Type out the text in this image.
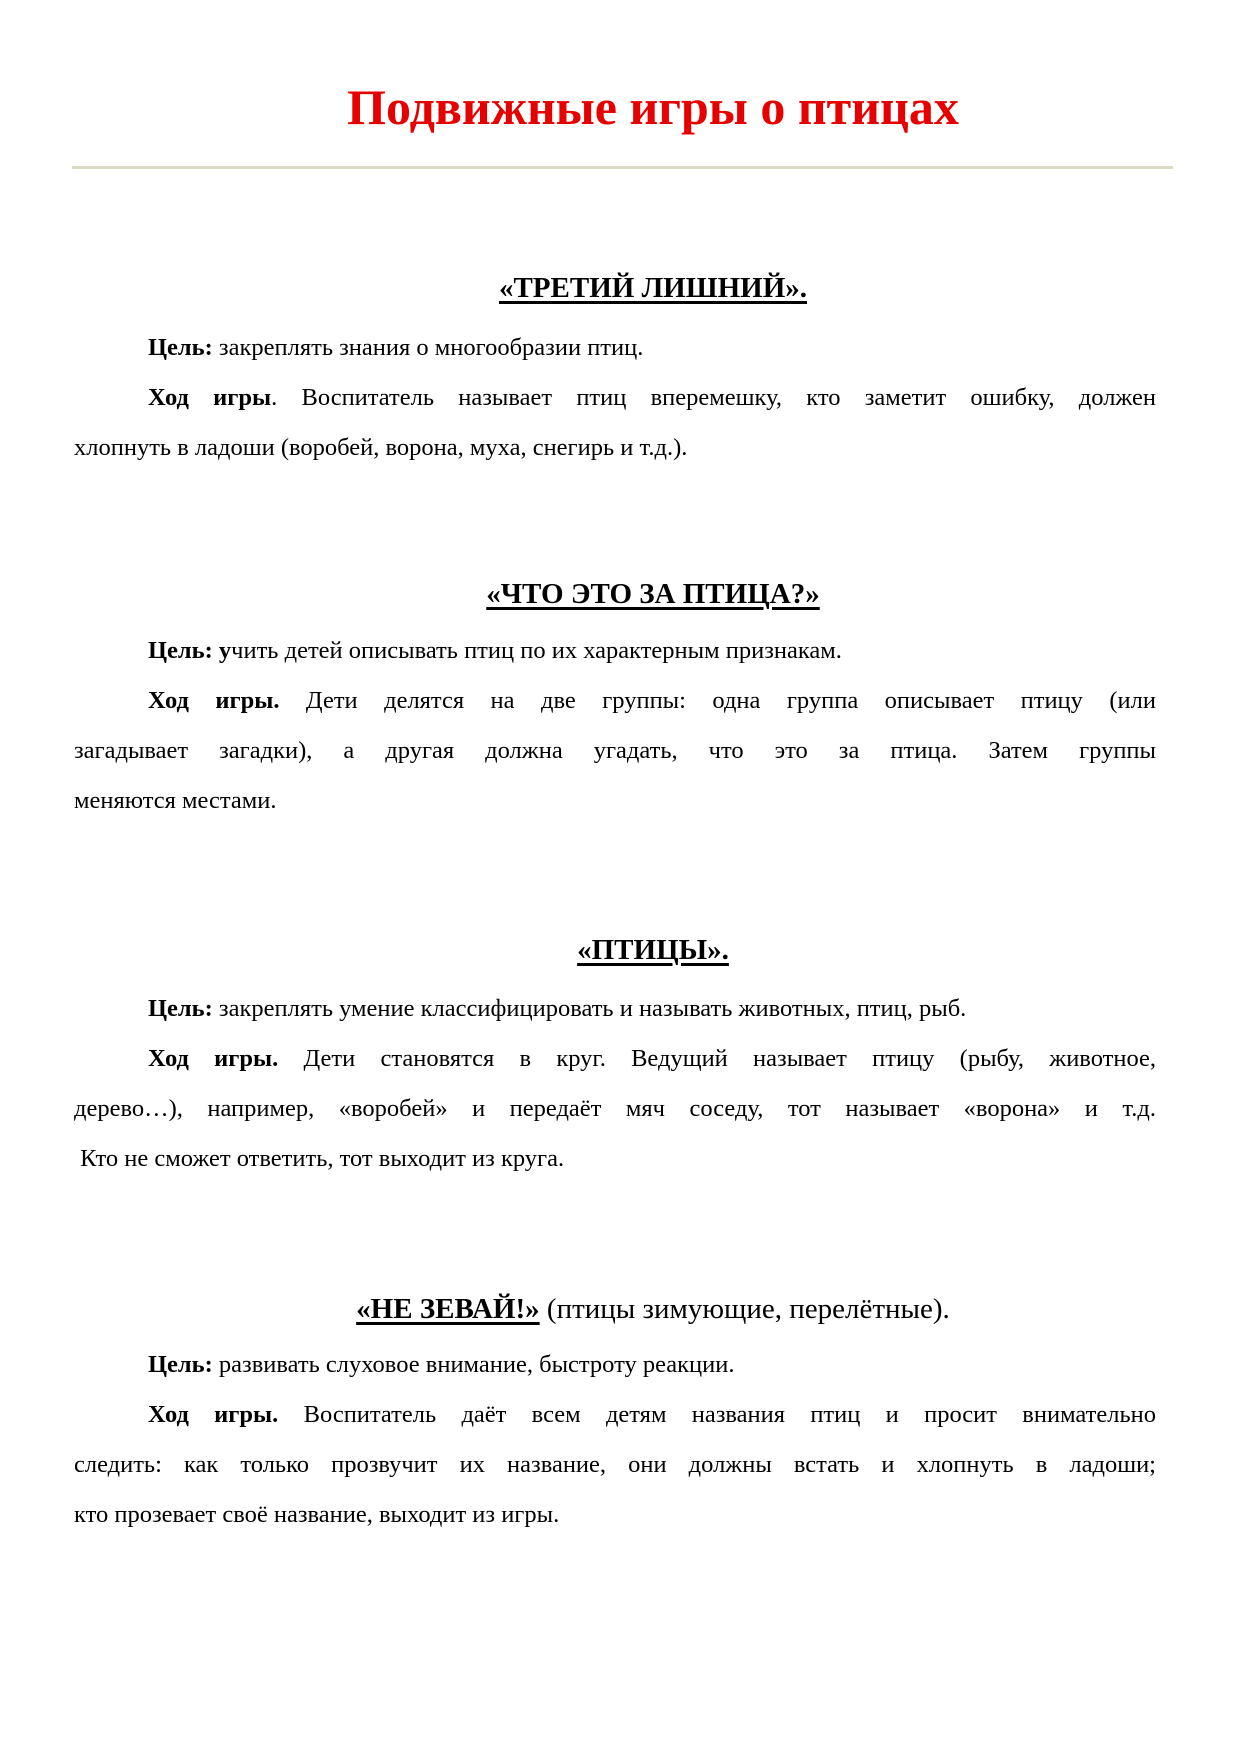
Подвижные игры о птицах
«ТРЕТИЙ ЛИШНИЙ».
Цель: закреплять знания о многообразии птиц.
Ход игры. Воспитатель называет птиц вперемешку, кто заметит ошибку, должен
хлопнуть в ладоши (воробей, ворона, муха, снегирь и т.д.).
«ЧТО ЭТО ЗА ПТИЦА?»
Цель: учить детей описывать птиц по их характерным признакам.
Ход игры. Дети делятся на две группы: одна группа описывает птицу (или
загадывает загадки), а другая должна угадать, что это за птица. Затем группы
меняются местами.
«ПТИЦЫ».
Цель: закреплять умение классифицировать и называть животных, птиц, рыб.
Ход игры. Дети становятся в круг. Ведущий называет птицу (рыбу, животное,
дерево…), например, «воробей» и передаёт мяч соседу, тот называет «ворона» и т.д.
Кто не сможет ответить, тот выходит из круга.
«НЕ ЗЕВАЙ!» (птицы зимующие, перелётные).
Цель: развивать слуховое внимание, быстроту реакции.
Ход игры. Воспитатель даёт всем детям названия птиц и просит внимательно
следить: как только прозвучит их название, они должны встать и хлопнуть в ладоши;
кто прозевает своё название, выходит из игры.
